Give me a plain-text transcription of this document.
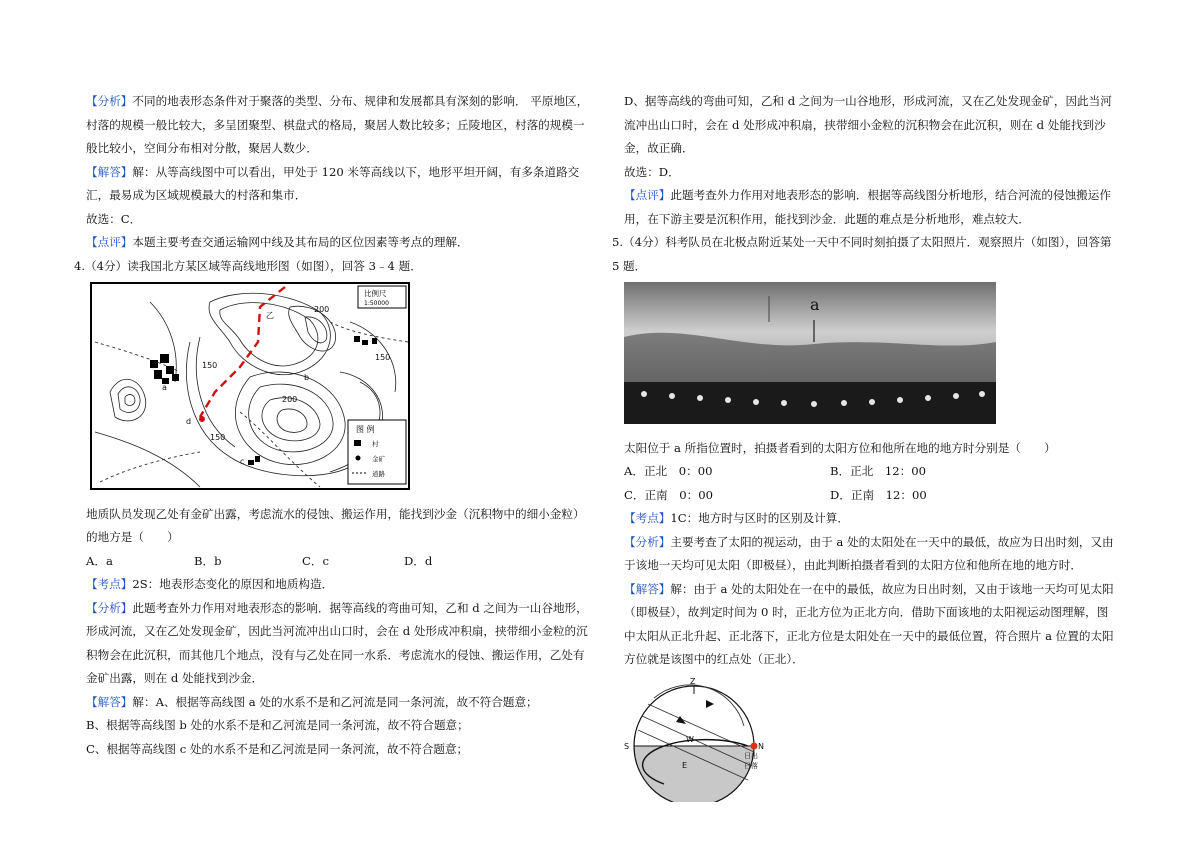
【分析】不同的地表形态条件对于聚落的类型、分布、规律和发展都具有深刻的影响． 平原地区，村落的规模一般比较大，多呈团聚型、棋盘式的格局，聚居人数比较多；丘陵地区，村落的规模一般比较小，空间分布相对分散，聚居人数少．

【解答】解：从等高线图中可以看出，甲处于 120 米等高线以下，地形平坦开阔，有多条道路交汇，最易成为区域规模最大的村落和集市．

故选：C．

【点评】本题主要考查交通运输网中线及其布局的区位因素等考点的理解．

4.（4分）读我国北方某区域等高线地形图（如图），回答 3﹣4 题．

200
150
150
150
200
b
c
d
a
乙
比例尺
1:50000
图 例
村
金矿
道路

地质队员发现乙处有金矿出露，考虑流水的侵蚀、搬运作用，能找到沙金（沉积物中的细小金粒）的地方是（　　）

A．a	B．b	C．c	D．d

【考点】2S：地表形态变化的原因和地质构造．

【分析】此题考查外力作用对地表形态的影响．据等高线的弯曲可知，乙和 d 之间为一山谷地形，形成河流，又在乙处发现金矿，因此当河流冲出山口时，会在 d 处形成冲积扇，挟带细小金粒的沉积物会在此沉积，而其他几个地点，没有与乙处在同一水系．考虑流水的侵蚀、搬运作用，乙处有金矿出露，则在 d 处能找到沙金．

【解答】解：A、根据等高线图 a 处的水系不是和乙河流是同一条河流，故不符合题意；

B、根据等高线图 b 处的水系不是和乙河流是同一条河流，故不符合题意；

C、根据等高线图 c 处的水系不是和乙河流是同一条河流，故不符合题意；

D、据等高线的弯曲可知，乙和 d 之间为一山谷地形，形成河流，又在乙处发现金矿，因此当河流冲出山口时，会在 d 处形成冲积扇，挟带细小金粒的沉积物会在此沉积，则在 d 处能找到沙金，故正确．

故选：D．

【点评】此题考查外力作用对地表形态的影响．根据等高线图分析地形，结合河流的侵蚀搬运作用，在下游主要是沉积作用，能找到沙金．此题的难点是分析地形，难点较大．

5.（4分）科考队员在北极点附近某处一天中不同时刻拍摄了太阳照片．观察照片（如图），回答第 5 题．

a

太阳位于 a 所指位置时，拍摄者看到的太阳方位和他所在地的地方时分别是（　　）

A．正北　0：00	B．正北　12：00
C．正南　0：00	D．正南　12：00

【考点】1C：地方时与区时的区别及计算．

【分析】主要考查了太阳的视运动，由于 a 处的太阳处在一天中的最低，故应为日出时刻，又由于该地一天均可见太阳（即极昼），由此判断拍摄者看到的太阳方位和他所在地的地方时．

【解答】解：由于 a 处的太阳处在一在中的最低，故应为日出时刻，又由于该地一天均可见太阳（即极昼），故判定时间为 0 时，正北方位为正北方向．借助下面该地的太阳视运动图理解，图中太阳从正北升起、正北落下，正北方位是太阳处在一天中的最低位置，符合照片 a 位置的太阳方位就是该图中的红点处（正北）．

Z
S	N
W
E
日出
日落
